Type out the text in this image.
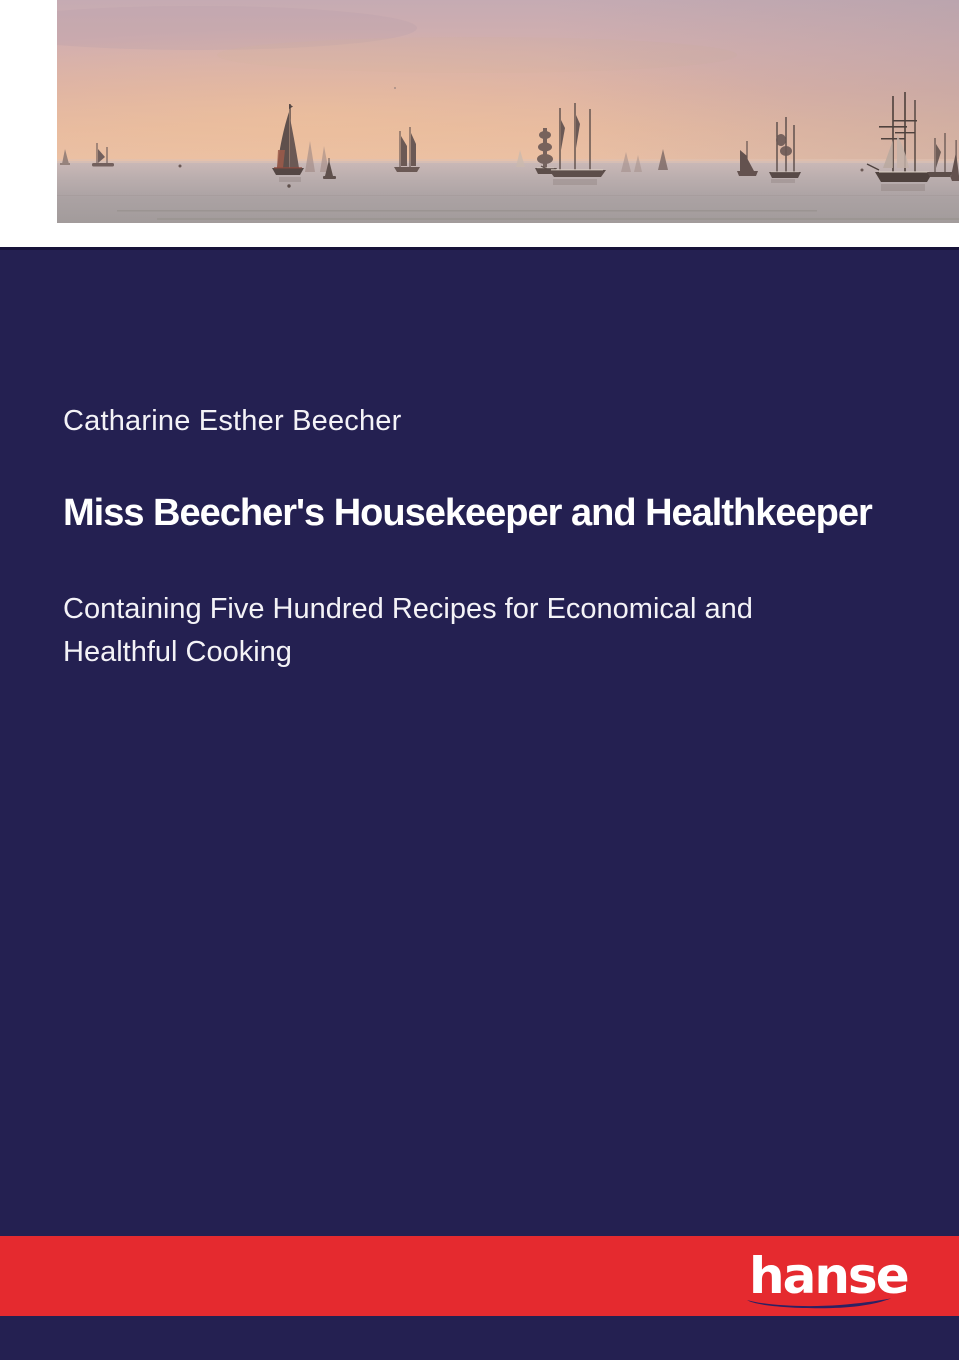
Catharine Esther Beecher
Miss Beecher's Housekeeper and Healthkeeper
Containing Five Hundred Recipes for Economical and Healthful Cooking
hanse
